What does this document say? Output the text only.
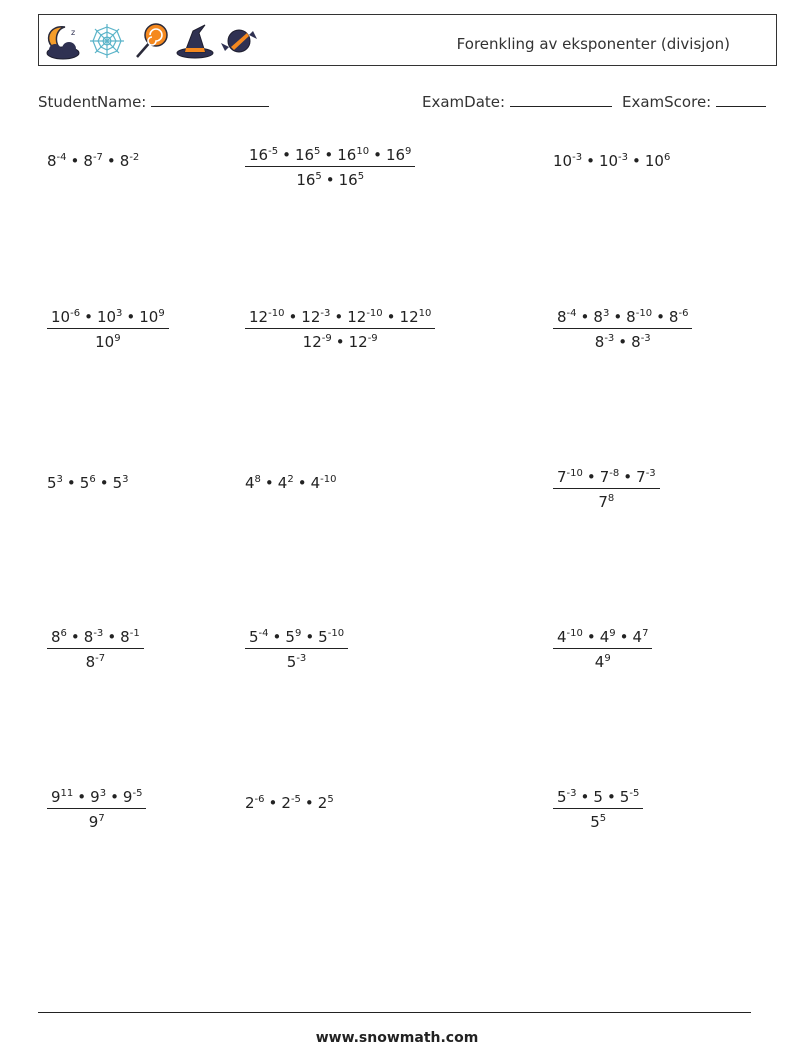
z
Forenkling av eksponenter (divisjon)
StudentName:	ExamDate:	ExamScore:
$8^{-4}$ • $8^{-7}$ • $8^{-2}$	$\frac{16^{-5} • 16^5 • 16^{10} • 16^9}{16^5 • 16^5}$	$10^{-3}$ • $10^{-3}$ • $10^6$
$\frac{10^{-6} • 10^3 • 10^9}{10^9}$	$\frac{12^{-10} • 12^{-3} • 12^{-10} • 12^{10}}{12^{-9} • 12^{-9}}$	$\frac{8^{-4} • 8^3 • 8^{-10} • 8^{-6}}{8^{-3} • 8^{-3}}$
$5^3$ • $5^6$ • $5^3$	$4^8$ • $4^2$ • $4^{-10}$	$\frac{7^{-10} • 7^{-8} • 7^{-3}}{7^8}$
$\frac{8^6 • 8^{-3} • 8^{-1}}{8^{-7}}$	$\frac{5^{-4} • 5^9 • 5^{-10}}{5^{-3}}$	$\frac{4^{-10} • 4^9 • 4^7}{4^9}$
$\frac{9^{11} • 9^3 • 9^{-5}}{9^7}$	$2^{-6}$ • $2^{-5}$ • $2^5$	$\frac{5^{-3} • 5 • 5^{-5}}{5^5}$
www.snowmath.com
